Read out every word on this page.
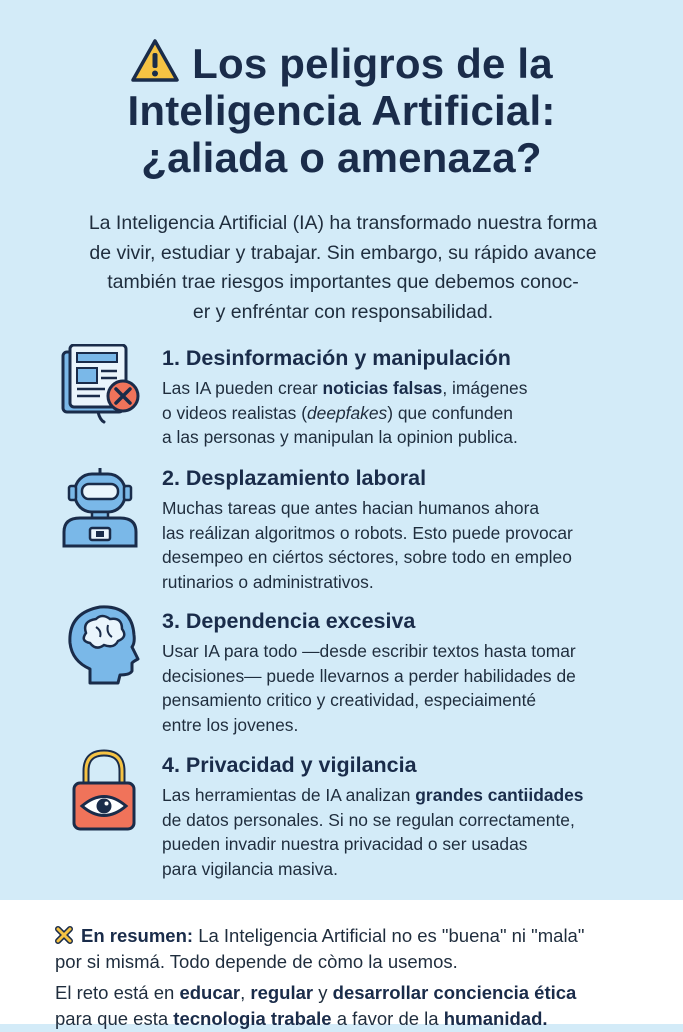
Los peligros de la
Inteligencia Artificial:
¿aliada o amenaza?
La Inteligencia Artificial (IA) ha transformado nuestra forma
de vivir, estudiar y trabajar. Sin embargo, su rápido avance
también trae riesgos importantes que debemos conoc-
er y enfréntar con responsabilidad.
1. Desinformación y manipulación

Las IA pueden crear noticias falsas, imágenes

o videos realistas (deepfakes) que confunden

a las personas y manipulan la opinion publica.

2. Desplazamiento laboral

Muchas tareas que antes hacian humanos ahora

las reálizan algoritmos o robots. Esto puede provocar

desempeo en ciértos séctores, sobre todo en empleo

rutinarios o administrativos.

3. Dependencia excesiva

Usar IA para todo —desde escribir textos hasta tomar

decisiones— puede llevarnos a perder habilidades de

pensamiento critico y creatividad, especiaimenté

entre los jovenes.

4. Privacidad y vigilancia

Las herramientas de IA analizan grandes cantiidades

de datos personales. Si no se regulan correctamente,

pueden invadir nuestra privacidad o ser usadas

para vigilancia masiva.

En resumen: La Inteligencia Artificial no es "buena" ni "mala"

por si mismá. Todo depende de còmo la usemos.

El reto está en educar, regular y desarrollar conciencia ética

para que esta tecnologia trabale a favor de la humanidad.
